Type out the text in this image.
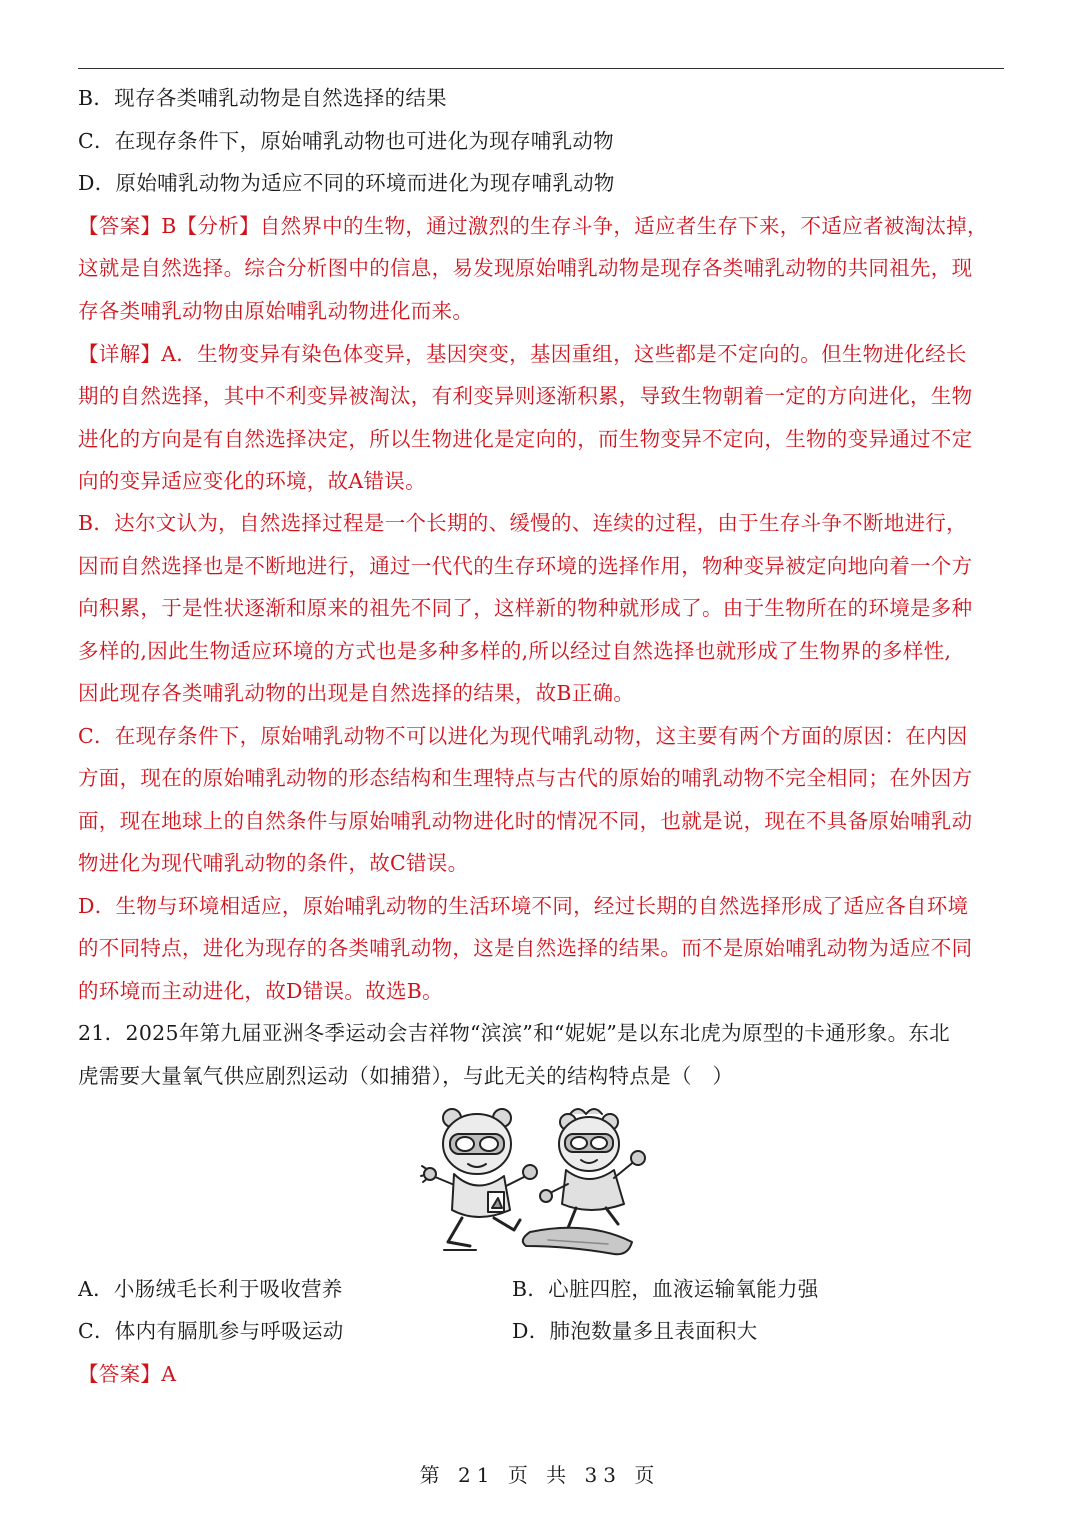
B．现存各类哺乳动物是自然选择的结果
C．在现存条件下，原始哺乳动物也可进化为现存哺乳动物
D．原始哺乳动物为适应不同的环境而进化为现存哺乳动物
【答案】B【分析】自然界中的生物，通过激烈的生存斗争，适应者生存下来，不适应者被淘汰掉，
这就是自然选择。综合分析图中的信息，易发现原始哺乳动物是现存各类哺乳动物的共同祖先，现
存各类哺乳动物由原始哺乳动物进化而来。
【详解】A．生物变异有染色体变异，基因突变，基因重组，这些都是不定向的。但生物进化经长
期的自然选择，其中不利变异被淘汰，有利变异则逐渐积累，导致生物朝着一定的方向进化，生物
进化的方向是有自然选择决定，所以生物进化是定向的，而生物变异不定向，生物的变异通过不定
向的变异适应变化的环境，故A错误。
B．达尔文认为，自然选择过程是一个长期的、缓慢的、连续的过程，由于生存斗争不断地进行，
因而自然选择也是不断地进行，通过一代代的生存环境的选择作用，物种变异被定向地向着一个方
向积累，于是性状逐渐和原来的祖先不同了，这样新的物种就形成了。由于生物所在的环境是多种
多样的,因此生物适应环境的方式也是多种多样的,所以经过自然选择也就形成了生物界的多样性,
因此现存各类哺乳动物的出现是自然选择的结果，故B正确。
C．在现存条件下，原始哺乳动物不可以进化为现代哺乳动物，这主要有两个方面的原因：在内因
方面，现在的原始哺乳动物的形态结构和生理特点与古代的原始的哺乳动物不完全相同；在外因方
面，现在地球上的自然条件与原始哺乳动物进化时的情况不同，也就是说，现在不具备原始哺乳动
物进化为现代哺乳动物的条件，故C错误。
D．生物与环境相适应，原始哺乳动物的生活环境不同，经过长期的自然选择形成了适应各自环境
的不同特点，进化为现存的各类哺乳动物，这是自然选择的结果。而不是原始哺乳动物为适应不同
的环境而主动进化，故D错误。故选B。
21．2025年第九届亚洲冬季运动会吉祥物“滨滨”和“妮妮”是以东北虎为原型的卡通形象。东北
虎需要大量氧气供应剧烈运动（如捕猎），与此无关的结构特点是（　）
A．小肠绒毛长利于吸收营养	B．心脏四腔，血液运输氧能力强
C．体内有膈肌参与呼吸运动	D．肺泡数量多且表面积大
【答案】A
第 21 页 共 33 页
